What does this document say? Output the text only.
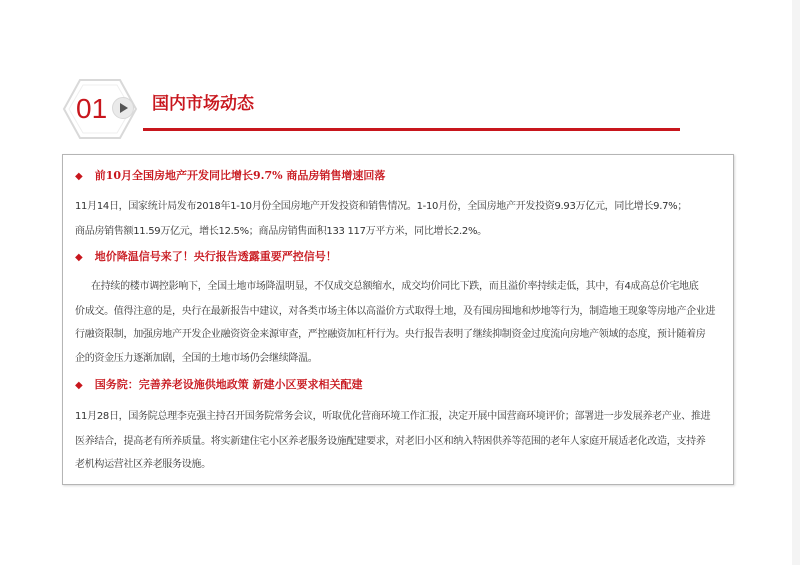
01	国内市场动态
◆ 前10月全国房地产开发同比增长9.7% 商品房销售增速回落
11月14日，国家统计局发布2018年1-10月份全国房地产开发投资和销售情况。1-10月份，全国房地产开发投资9.93万亿元，同比增长9.7%；
商品房销售额11.59万亿元，增长12.5%；商品房销售面积133 117万平方米，同比增长2.2%。
◆ 地价降温信号来了！央行报告透露重要严控信号！
在持续的楼市调控影响下，全国土地市场降温明显，不仅成交总额缩水，成交均价同比下跌，而且溢价率持续走低，其中，有4成高总价宅地底
价成交。值得注意的是，央行在最新报告中建议，对各类市场主体以高溢价方式取得土地，及有囤房囤地和炒地等行为，制造地王现象等房地产企业进
行融资限制，加强房地产开发企业融资资金来源审查，严控融资加杠杆行为。央行报告表明了继续抑制资金过度流向房地产领域的态度，预计随着房
企的资金压力逐渐加剧，全国的土地市场仍会继续降温。
◆ 国务院：完善养老设施供地政策 新建小区要求相关配建
11月28日，国务院总理李克强主持召开国务院常务会议，听取优化营商环境工作汇报，决定开展中国营商环境评价；部署进一步发展养老产业、推进
医养结合，提高老有所养质量。将实新建住宅小区养老服务设施配建要求，对老旧小区和纳入特困供养等范围的老年人家庭开展适老化改造，支持养
老机构运营社区养老服务设施。
